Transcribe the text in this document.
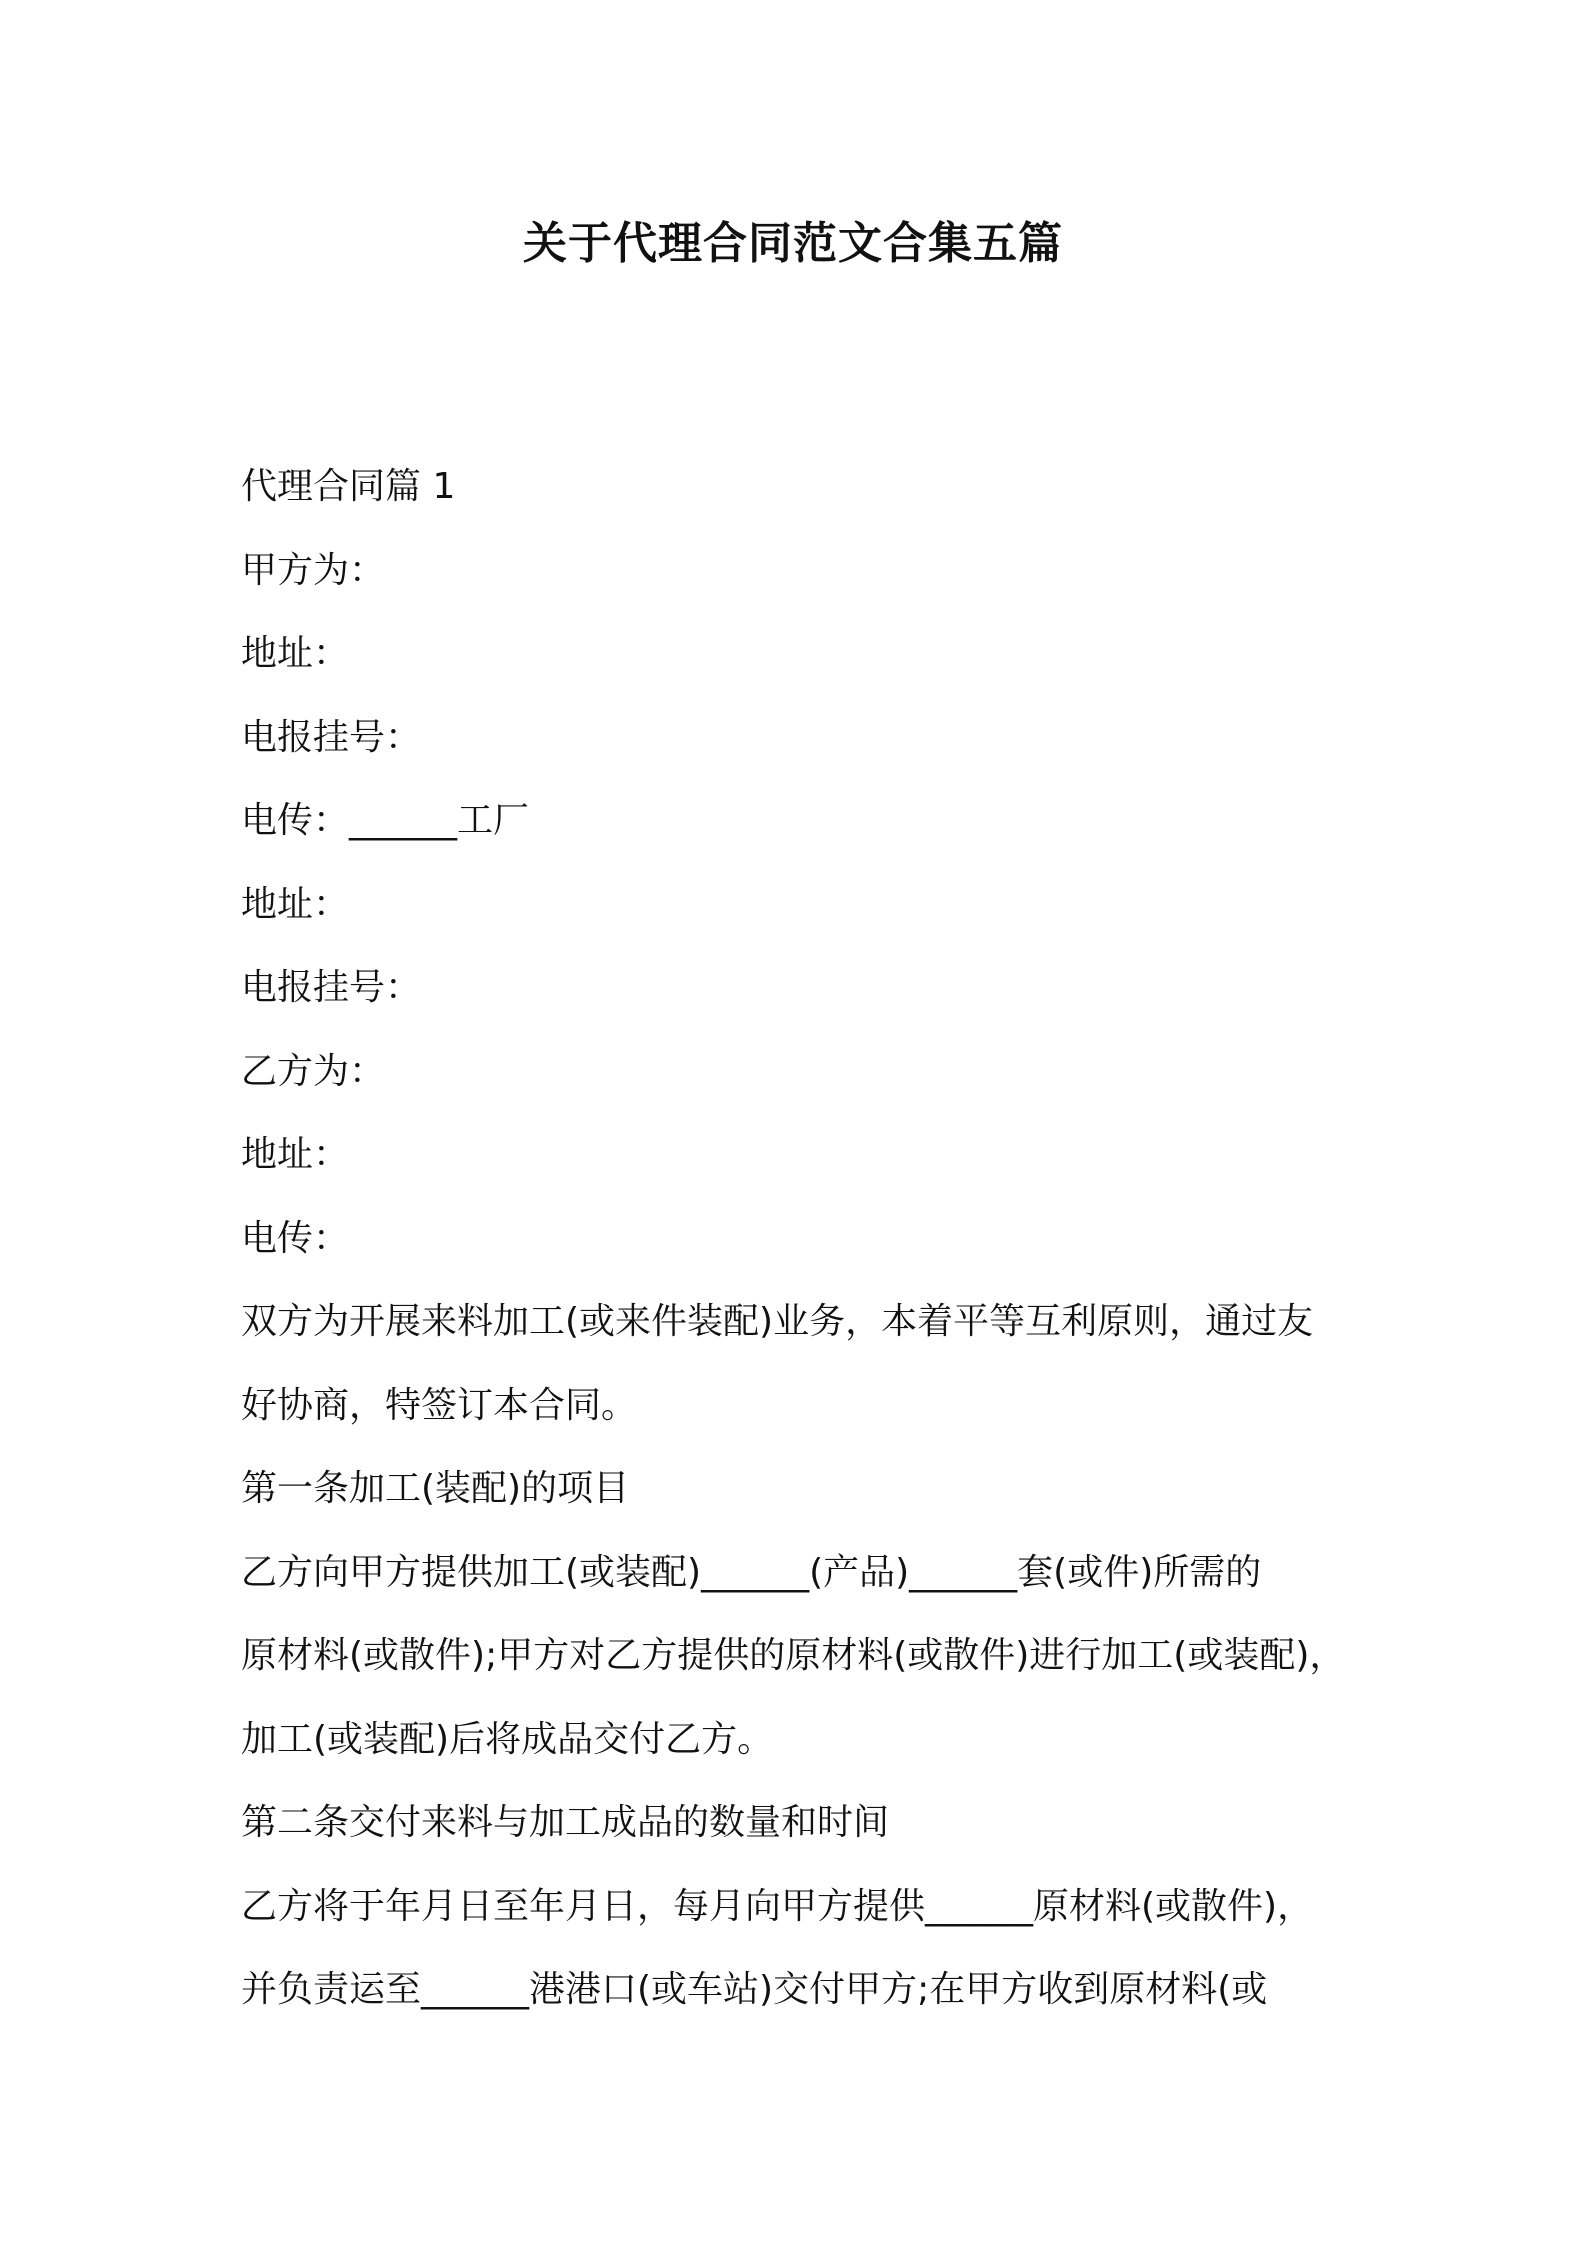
关于代理合同范文合集五篇

代理合同篇 1

甲方为：

地址：

电报挂号：

电传：______工厂

地址：

电报挂号：

乙方为：

地址：

电传：

双方为开展来料加工(或来件装配)业务，本着平等互利原则，通过友

好协商，特签订本合同。

第一条加工(装配)的项目

乙方向甲方提供加工(或装配)______(产品)______套(或件)所需的

原材料(或散件);甲方对乙方提供的原材料(或散件)进行加工(或装配)，

加工(或装配)后将成品交付乙方。

第二条交付来料与加工成品的数量和时间

乙方将于年月日至年月日，每月向甲方提供______原材料(或散件)，

并负责运至______港港口(或车站)交付甲方;在甲方收到原材料(或
